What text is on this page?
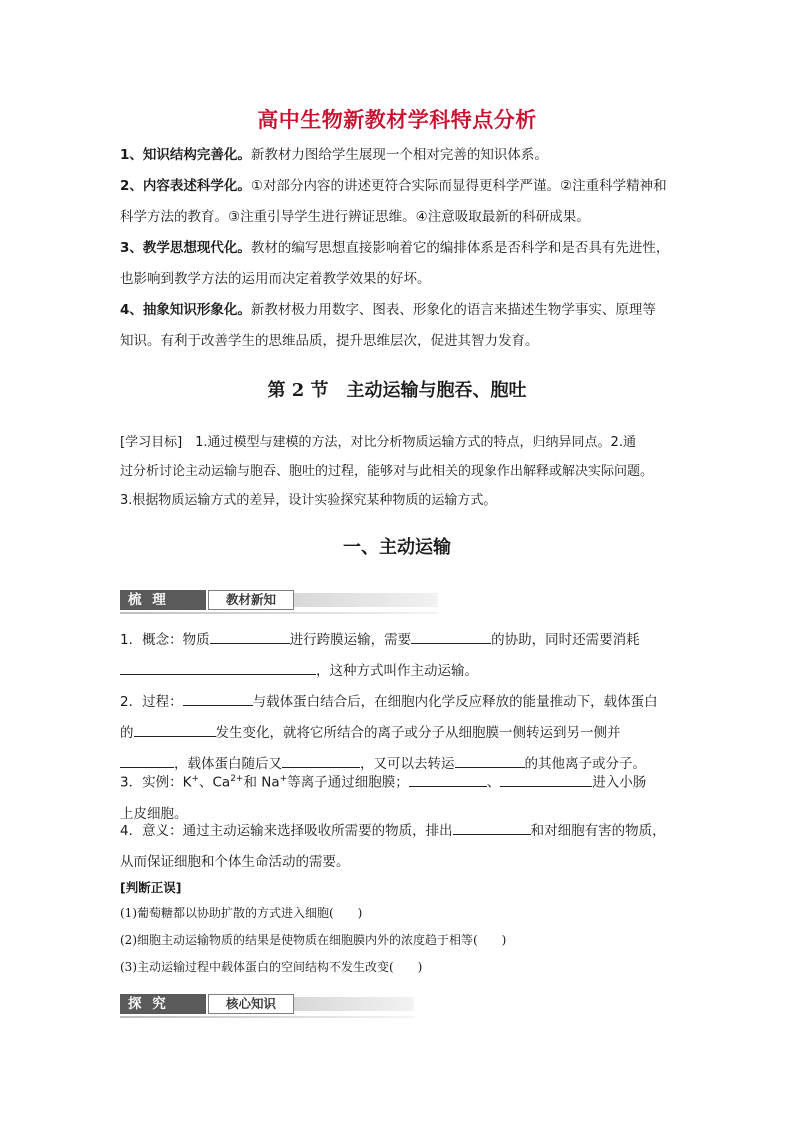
高中生物新教材学科特点分析
1、知识结构完善化。新教材力图给学生展现一个相对完善的知识体系。
2、内容表述科学化。①对部分内容的讲述更符合实际而显得更科学严谨。②注重科学精神和
科学方法的教育。③注重引导学生进行辨证思维。④注意吸取最新的科研成果。
3、教学思想现代化。教材的编写思想直接影响着它的编排体系是否科学和是否具有先进性，
也影响到教学方法的运用而决定着教学效果的好坏。
4、抽象知识形象化。新教材极力用数字、图表、形象化的语言来描述生物学事实、原理等
知识。有利于改善学生的思维品质，提升思维层次，促进其智力发育。
第 2 节　主动运输与胞吞、胞吐
[学习目标]　1.通过模型与建模的方法，对比分析物质运输方式的特点，归纳异同点。2.通
过分析讨论主动运输与胞吞、胞吐的过程，能够对与此相关的现象作出解释或解决实际问题。
3.根据物质运输方式的差异，设计实验探究某种物质的运输方式。
一、主动运输
梳 理	教材新知
1．概念：物质	进行跨膜运输，需要	的协助，同时还需要消耗
，这种方式叫作主动运输。
2．过程：	与载体蛋白结合后，在细胞内化学反应释放的能量推动下，载体蛋白
的	发生变化，就将它所结合的离子或分子从细胞膜一侧转运到另一侧并
，载体蛋白随后又	，又可以去转运	的其他离子或分子。
3．实例：K+、$Ca^{2+}$和 Na+等离子通过细胞膜；	、	进入小肠
上皮细胞。
4．意义：通过主动运输来选择吸收所需要的物质，排出	和对细胞有害的物质，
从而保证细胞和个体生命活动的需要。
[判断正误]
(1)葡萄糖都以协助扩散的方式进入细胞(　　)
(2)细胞主动运输物质的结果是使物质在细胞膜内外的浓度趋于相等(　　)
(3)主动运输过程中载体蛋白的空间结构不发生改变(　　)
探 究	核心知识
